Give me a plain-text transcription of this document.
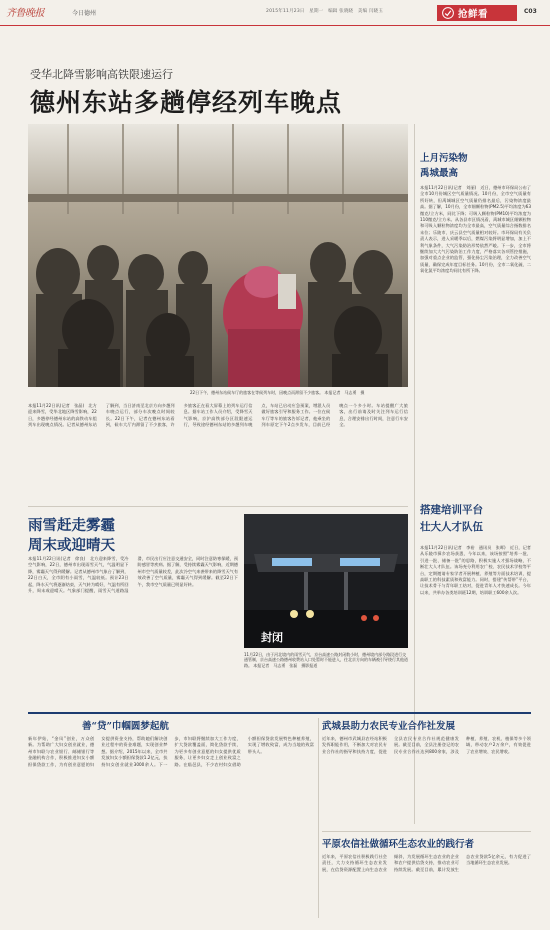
齐鲁晚报	今日德州	2015年11月23日　星期一　编辑 张晓晓　美编 闫晓玉	抢鲜看	C03
受华北降雪影响高铁限速运行
德州东站多趟停经列车晚点
22日下午，德州东站候车厅的旅客在等候列车时，因晚点而滞留不少旅客。 本报记者　马志勇　摄
本报11月22日讯(记者　张晶)　北方迎来降雪，受华北地区降雪影响，22日，多趟停经德州东站的高铁动车组列车出现晚点情况。记者从德州东站了解到，当日济南至北京方向多趟列车晚点运行，部分车次晚点时间较长。22日下午，记者在德州东站看到，候车大厅内滞留了不少旅客，许多旅客正在看大屏幕上的列车运行信息。据车站工作人员介绍，受降雪天气影响，京沪高铁部分区段限速运行，导致途经德州东站的多趟列车晚点，车站已启动应急预案，增派人员做好旅客引导和服务工作。一位在候车厅等车的旅客告诉记者，他乘坐的列车原定下午2点多发车，目前已经晚点一个多小时。车站提醒广大旅客，出行前请及时关注列车运行信息，合理安排出行时间，注意行车安全。
上月污染物
禹城最高
本报11月22日讯(记者　刘丽)　近日，德州市环保局公布了全市10月份城区空气质量情况。10月份，全市空气质量有所好转，但禹城城区空气质量仍排名最后，污染物浓度最高。据了解，10月份，全市细颗粒物(PM2.5)平均浓度为63微克/立方米，同比下降；可吸入颗粒物(PM10)平均浓度为110微克/立方米。从各县市区情况看，禹城市城区细颗粒物和可吸入颗粒物浓度均为全市最高，空气质量综合指数排名末位；乐陵市、庆云县空气质量相对较好。市环保局有关负责人表示，进入采暖季以后，燃煤污染将明显增加，加上不利气象条件，大气污染防治形势依然严峻。下一步，全市将继续加大大气污染防治工作力度，严格落实各项管控措施，加强对重点企业的监管，强化扬尘污染治理，全力改善空气质量，确保完成年度目标任务。10月份，全市二氧化硫、二氧化氮平均浓度均同比有所下降。
搭建培训平台
壮大人才队伍
本报11月22日讯(记者　李裕　通讯员　张晖)　近日，记者从乐陵市獐乡农场获悉，今年以来，该场按照“培养一批、引进一批、储备一批”的思路，积极实施人才强场战略，不断壮大人才队伍。该场充分利用农广校、农民技术学校等平台，定期邀请专家学者开展种植、养殖等方面技术培训，提高职工的科技素质和致富能力。同时，搭建“传帮带”平台，让技术骨干与青年职工结对，促进青年人才快速成长。今年以来，共举办各类培训班12期，培训职工600余人次。
雨雪赶走雾霾
周末或迎晴天
本报11月22日讯(记者　徐良)　北方迎来降雪，受冷空气影响，22日，德州市出现雨雪天气，气温明显下降，雾霾天气得到缓解。记者从德州市气象台了解到，22日白天，全市阴有小雨雪，气温较低。预计23日起，降水天气将逐渐结束，天气转为晴好，气温有所回升，周末或迎晴天。气象部门提醒，雨雪天气道路湿滑，市民出行应注意交通安全，同时注意防寒保暖，预防感冒等疾病。据了解，受持续雾霾天气影响，近期德州市空气质量较差，此次冷空气来袭带来的降雪天气有效改善了空气质量，雾霾天气得到缓解。截至22日下午，我市空气质量已明显好转。
封闭
11月22日，由于河北境内的雨雪天气，京台高速公路封闭数小时，德州境内部分路段进行交通管制，京台高速公路德州收费站入口处暂时不能进入，往北京方向的车辆被引导绕行其他道路。 本报记者　马志勇　张磊　摄影报道
善“贷”巾帼圆梦起航
新年伊始，“金凤”创业，万众创新。为帮助广大妇女创业就业，德州市妇联与农业银行、邮储银行等金融机构合作，积极推进妇女小额担保贷款工作，为有创业意愿的妇女提供资金支持，帮助她们解决创业过程中的资金难题，实现创业梦想。据介绍，2015年以来，全市共发放妇女小额担保贷款1.2亿元，扶持妇女创业就业3000余人。下一步，市妇联将继续加大工作力度，扩大贷款覆盖面，简化贷款手续，为更多有创业意愿的妇女提供优质服务，让更多妇女走上创业致富之路。在临邑县，不少农村妇女借助小额担保贷款发展特色种植养殖，实现了增收致富，成为当地的致富带头人。
武城县助力农民专业合作社发展
近年来，德州市武城县农经站积极发挥职能作用，不断加大对农民专业合作社的指导和扶持力度，促进全县农民专业合作社规范健康发展。截至目前，全县注册登记的农民专业合作社达到800余家，涉及种植、养殖、农机、植保等多个领域，带动农户2万余户，有效促进了农业增效、农民增收。
平原农信社做循环生态农业的践行者
近年来，平原农信社积极践行社会责任，大力支持循环生态农业发展，在信贷资源配置上向生态农业倾斜，为发展循环生态农业的企业和农户提供信贷支持，推动农业可持续发展。截至目前，累计发放生态农业贷款5亿余元，有力促进了当地循环生态农业发展。
